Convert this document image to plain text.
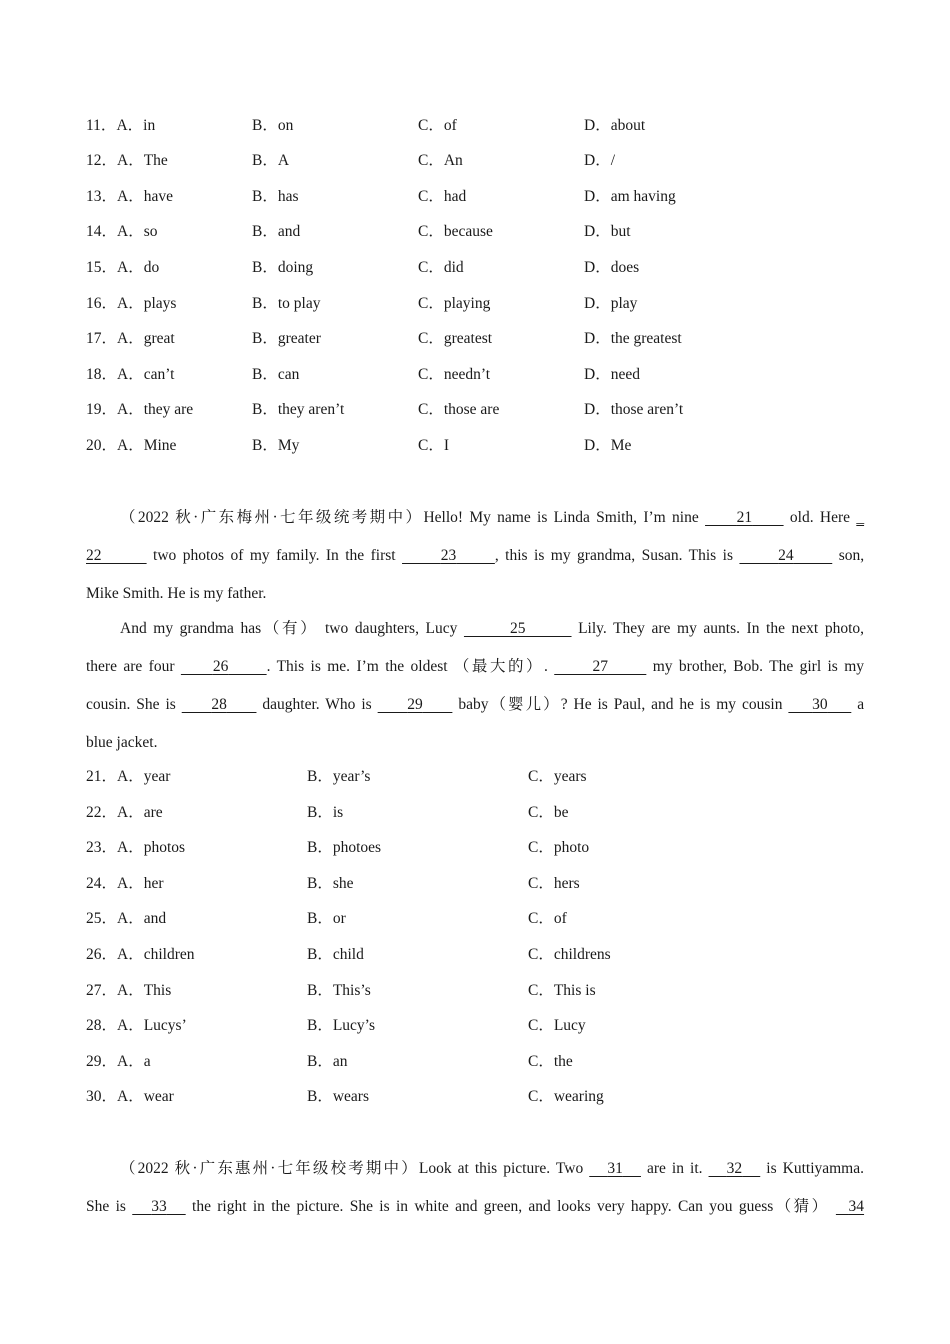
11．A．in	B．on	C．of	D．about
12．A．The	B．A	C．An	D．/
13．A．have	B．has	C．had	D．am having
14．A．so	B．and	C．because	D．but
15．A．do	B．doing	C．did	D．does
16．A．plays	B．to play	C．playing	D．play
17．A．great	B．greater	C．greatest	D．the greatest
18．A．can’t	B．can	C．needn’t	D．need
19．A．they are	B．they aren’t	C．those are	D．those aren’t
20．A．Mine	B．My	C．I	D．Me
（2022 秋·广东梅州·七年级统考期中）Hello! My name is Linda Smith, I’m nine 21 old. Here _
22	two photos of my family. In the first	23 , this is my grandma, Susan. This is	24	son,
Mike Smith. He is my father.
And my grandma has（有） two daughters, Lucy	25	Lily. They are my aunts. In the next photo,
there are four 26 . This is me. I’m the oldest （最大的）.	27	my brother, Bob. The girl is my
cousin. She is 28 daughter. Who is 29 baby（婴儿）? He is Paul, and he is my cousin 30 a
blue jacket.
21．A．year	B．year’s	C．years
22．A．are	B．is	C．be
23．A．photos	B．photoes	C．photo
24．A．her	B．she	C．hers
25．A．and	B．or	C．of
26．A．children	B．child	C．childrens
27．A．This	B．This’s	C．This is
28．A．Lucys’	B．Lucy’s	C．Lucy
29．A．a	B．an	C．the
30．A．wear	B．wears	C．wearing
（2022 秋·广东惠州·七年级校考期中）Look at this picture. Two 31 are in it. 32 is Kuttiyamma.
She is 33 the right in the picture. She is in white and green, and looks very happy. Can you guess（猜） 34
